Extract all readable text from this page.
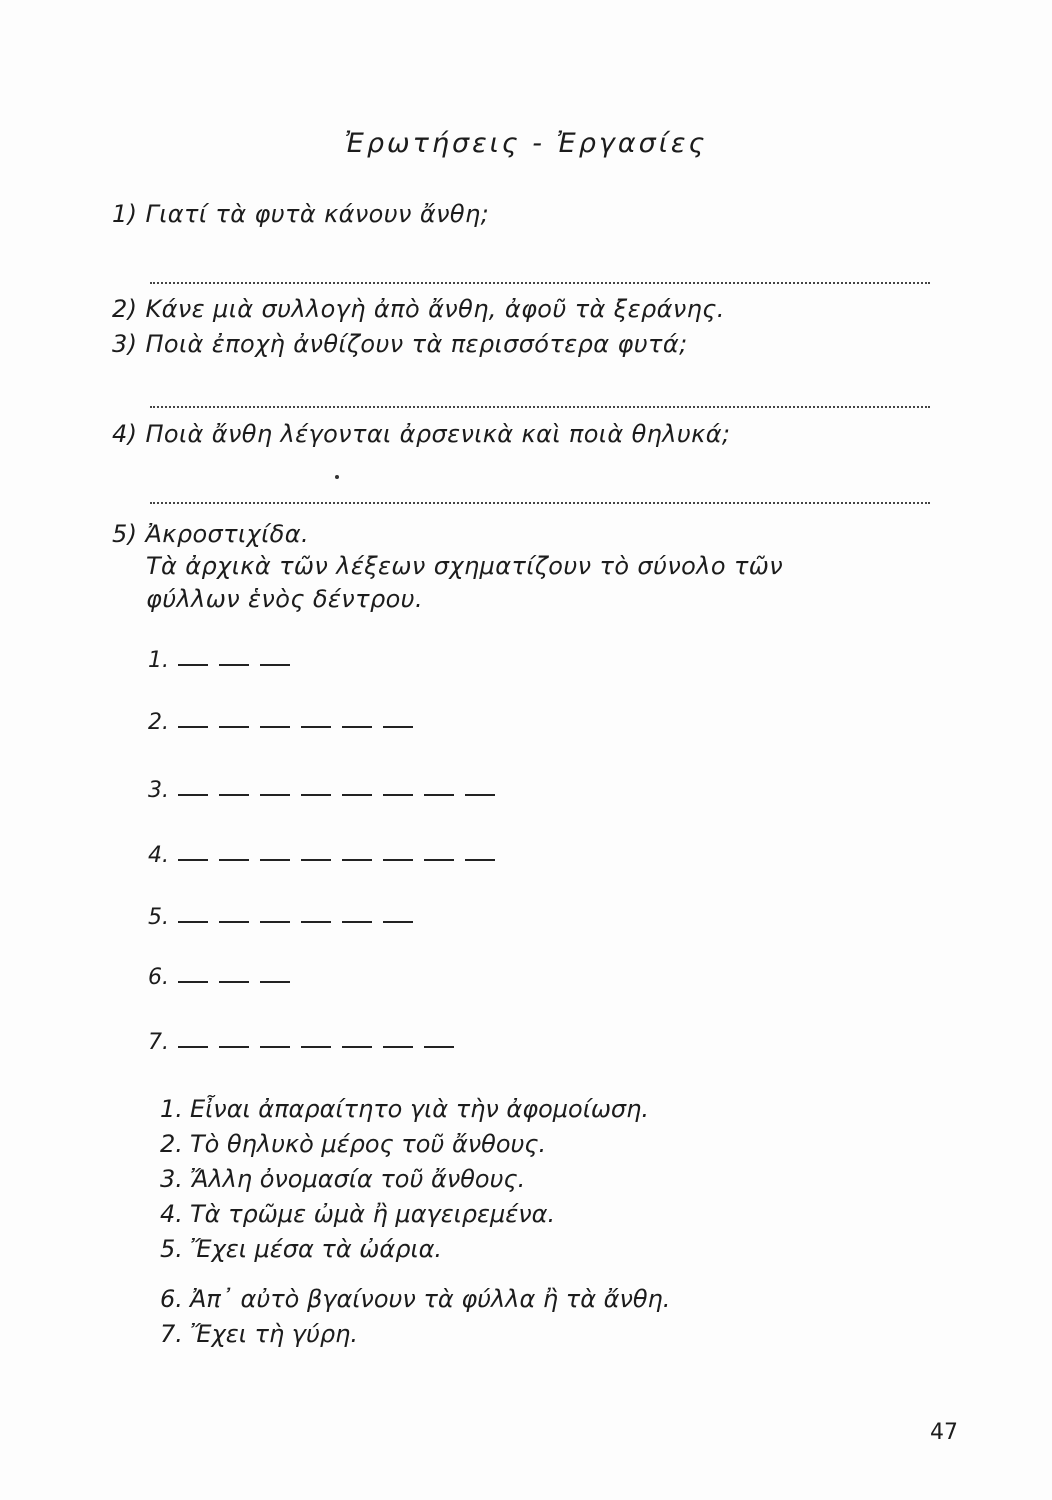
Ἐρωτήσεις - Ἐργασίες
1) Γιατί τὰ φυτὰ κάνουν ἄνθη;
2) Κάνε μιὰ συλλογὴ ἀπὸ ἄνθη, ἀφοῦ τὰ ξεράνης.
3) Ποιὰ ἐποχὴ ἀνθίζουν τὰ περισσότερα φυτά;
4) Ποιὰ ἄνθη λέγονται ἀρσενικὰ καὶ ποιὰ θηλυκά;
5) Ἀκροστιχίδα.
Τὰ ἀρχικὰ τῶν λέξεων σχηματίζουν τὸ σύνολο τῶν
φύλλων ἑνὸς δέντρου.
1.
2.
3.
4.
5.
6.
7.
1. Εἶναι ἀπαραίτητο γιὰ τὴν ἀφομοίωση.
2. Τὸ θηλυκὸ μέρος τοῦ ἄνθους.
3. Ἄλλη ὀνομασία τοῦ ἄνθους.
4. Τὰ τρῶμε ὠμὰ ἢ μαγειρεμένα.
5. Ἔχει μέσα τὰ ὠάρια.
6. Ἀπ᾽ αὐτὸ βγαίνουν τὰ φύλλα ἢ τὰ ἄνθη.
7. Ἔχει τὴ γύρη.
47
